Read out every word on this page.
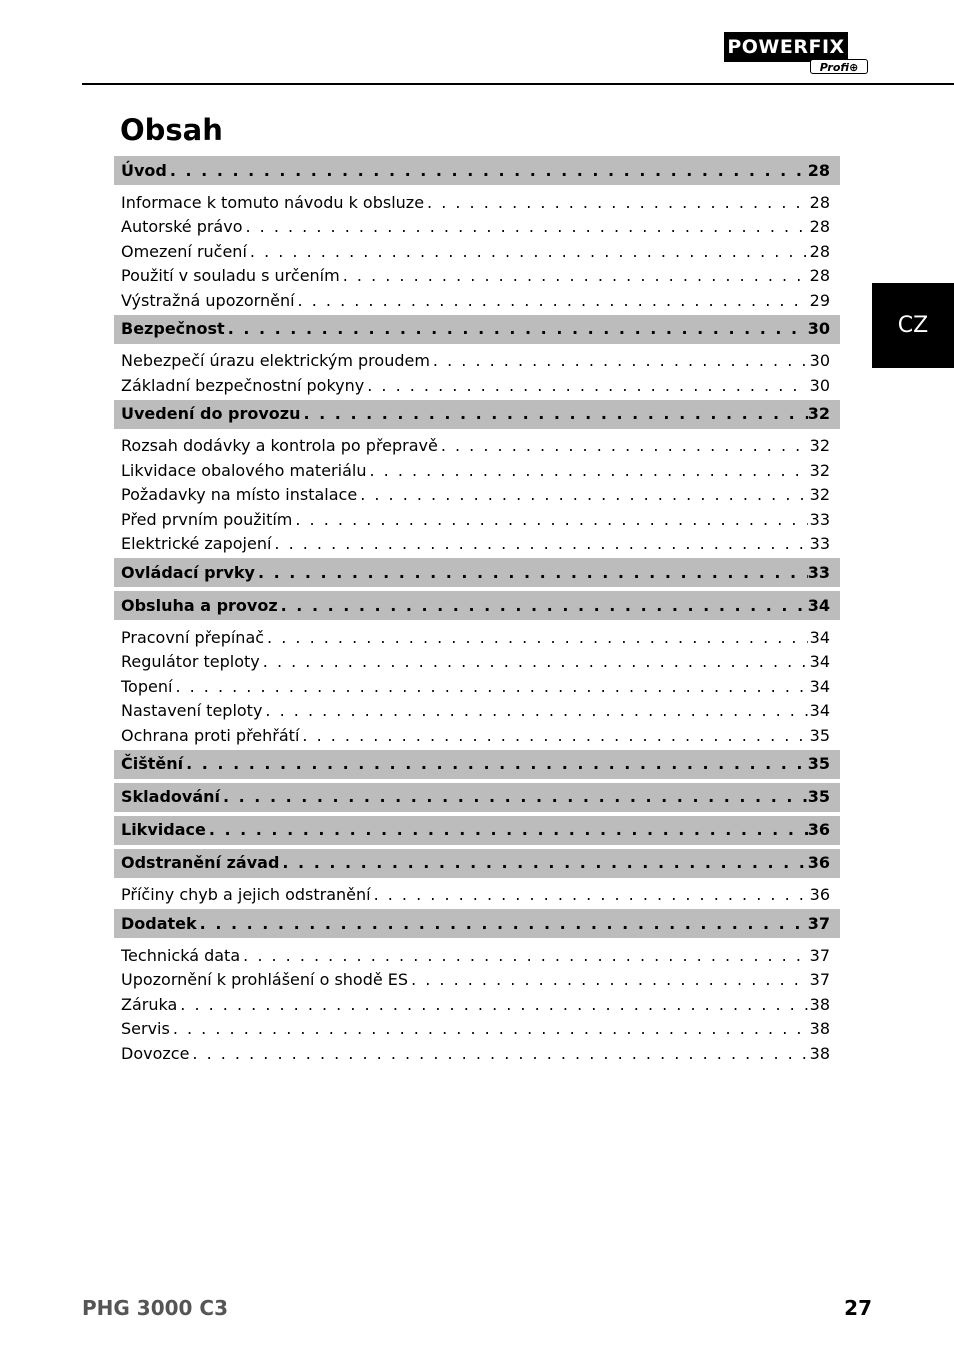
POWERFIX
Profi⊕
CZ
Obsah
Úvod . . .	28
Informace k tomuto návodu k obsluze . . .	28
Autorské právo . . .	28
Omezení ručení . . .	28
Použití v souladu s určením . . .	28
Výstražná upozornění . . .	29
Bezpečnost . . .	30
Nebezpečí úrazu elektrickým proudem . . .	30
Základní bezpečnostní pokyny . . .	30
Uvedení do provozu . . .	32
Rozsah dodávky a kontrola po přepravě . . .	32
Likvidace obalového materiálu . . .	32
Požadavky na místo instalace . . .	32
Před prvním použitím . . .	33
Elektrické zapojení . . .	33
Ovládací prvky . . .	33
Obsluha a provoz . . .	34
Pracovní přepínač . . .	34
Regulátor teploty . . .	34
Topení . . .	34
Nastavení teploty . . .	34
Ochrana proti přehřátí . . .	35
Čištění . . .	35
Skladování . . .	35
Likvidace . . .	36
Odstranění závad . . .	36
Příčiny chyb a jejich odstranění . . .	36
Dodatek . . .	37
Technická data . . .	37
Upozornění k prohlášení o shodě ES . . .	37
Záruka . . .	38
Servis . . .	38
Dovozce . . .	38
PHG 3000 C3	27
